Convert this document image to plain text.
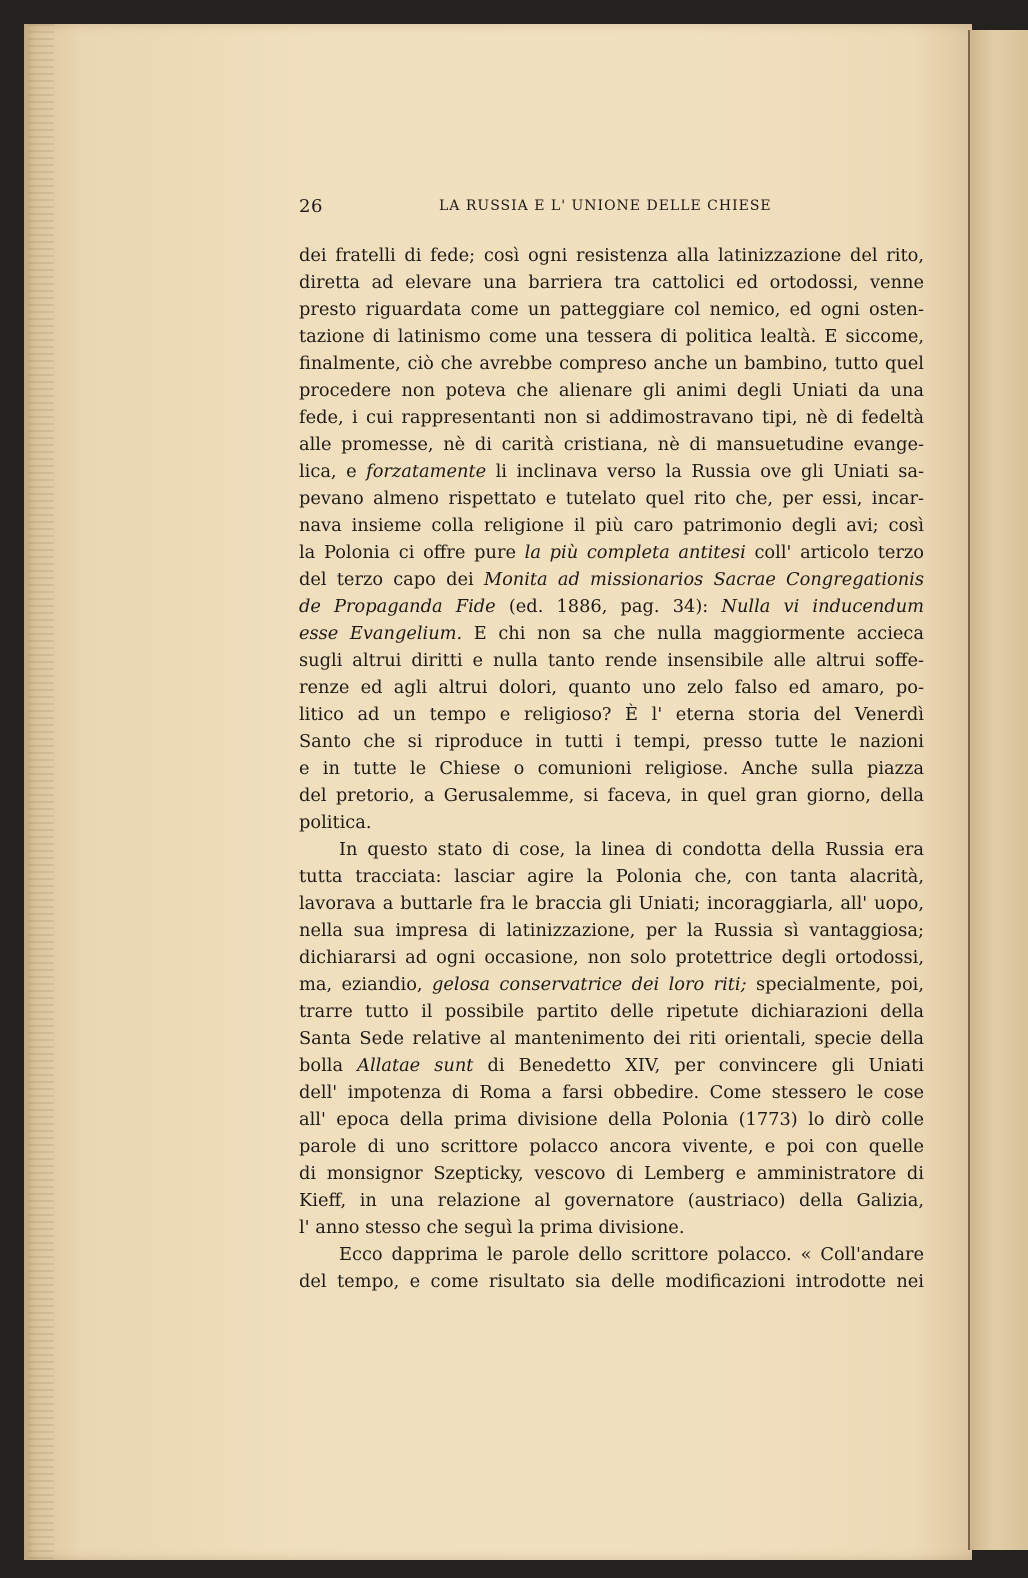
26	LA RUSSIA E L' UNIONE DELLE CHIESE
dei fratelli di fede; così ogni resistenza alla latinizzazione del rito,
diretta ad elevare una barriera tra cattolici ed ortodossi, venne
presto riguardata come un patteggiare col nemico, ed ogni osten-
tazione di latinismo come una tessera di politica lealtà. E siccome,
finalmente, ciò che avrebbe compreso anche un bambino, tutto quel
procedere non poteva che alienare gli animi degli Uniati da una
fede, i cui rappresentanti non si addimostravano tipi, nè di fedeltà
alle promesse, nè di carità cristiana, nè di mansuetudine evange-
lica, e forzatamente li inclinava verso la Russia ove gli Uniati sa-
pevano almeno rispettato e tutelato quel rito che, per essi, incar-
nava insieme colla religione il più caro patrimonio degli avi; così
la Polonia ci offre pure la più completa antitesi coll' articolo terzo
del terzo capo dei Monita ad missionarios Sacrae Congregationis
de Propaganda Fide (ed. 1886, pag. 34): Nulla vi inducendum
esse Evangelium. E chi non sa che nulla maggiormente accieca
sugli altrui diritti e nulla tanto rende insensibile alle altrui soffe-
renze ed agli altrui dolori, quanto uno zelo falso ed amaro, po-
litico ad un tempo e religioso? È l' eterna storia del Venerdì
Santo che si riproduce in tutti i tempi, presso tutte le nazioni
e in tutte le Chiese o comunioni religiose. Anche sulla piazza
del pretorio, a Gerusalemme, si faceva, in quel gran giorno, della
politica.
In questo stato di cose, la linea di condotta della Russia era
tutta tracciata: lasciar agire la Polonia che, con tanta alacrità,
lavorava a buttarle fra le braccia gli Uniati; incoraggiarla, all' uopo,
nella sua impresa di latinizzazione, per la Russia sì vantaggiosa;
dichiararsi ad ogni occasione, non solo protettrice degli ortodossi,
ma, eziandio, gelosa conservatrice dei loro riti; specialmente, poi,
trarre tutto il possibile partito delle ripetute dichiarazioni della
Santa Sede relative al mantenimento dei riti orientali, specie della
bolla Allatae sunt di Benedetto XIV, per convincere gli Uniati
dell' impotenza di Roma a farsi obbedire. Come stessero le cose
all' epoca della prima divisione della Polonia (1773) lo dirò colle
parole di uno scrittore polacco ancora vivente, e poi con quelle
di monsignor Szepticky, vescovo di Lemberg e amministratore di
Kieff, in una relazione al governatore (austriaco) della Galizia,
l' anno stesso che seguì la prima divisione.
Ecco dapprima le parole dello scrittore polacco. « Coll'andare
del tempo, e come risultato sia delle modificazioni introdotte nei
